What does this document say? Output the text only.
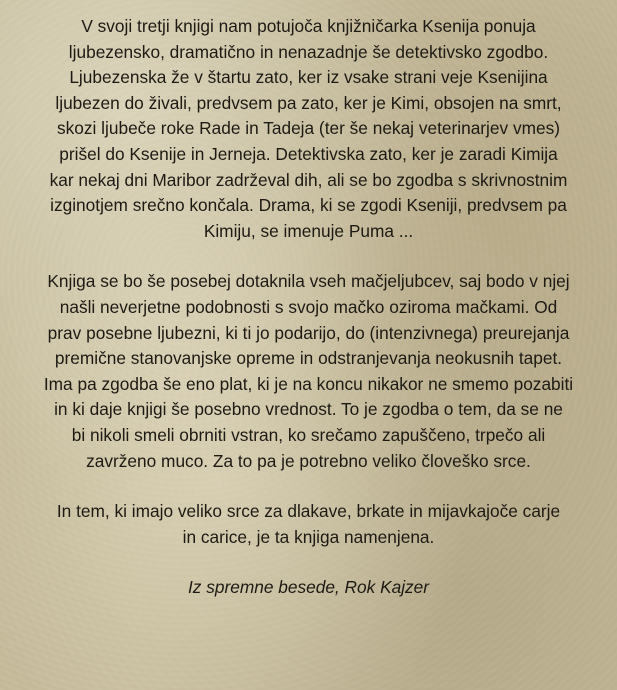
V svoji tretji knjigi nam potujoča knjižničarka Ksenija ponuja
ljubezensko, dramatično in nenazadnje še detektivsko zgodbo.
Ljubezenska že v štartu zato, ker iz vsake strani veje Ksenijina
ljubezen do živali, predvsem pa zato, ker je Kimi, obsojen na smrt,
skozi ljubeče roke Rade in Tadeja (ter še nekaj veterinarjev vmes)
prišel do Ksenije in Jerneja. Detektivska zato, ker je zaradi Kimija
kar nekaj dni Maribor zadrževal dih, ali se bo zgodba s skrivnostnim
izginotjem srečno končala. Drama, ki se zgodi Kseniji, predvsem pa
Kimiju, se imenuje Puma ...

Knjiga se bo še posebej dotaknila vseh mačjeljubcev, saj bodo v njej
našli neverjetne podobnosti s svojo mačko oziroma mačkami. Od
prav posebne ljubezni, ki ti jo podarijo, do (intenzivnega) preurejanja
premične stanovanjske opreme in odstranjevanja neokusnih tapet.
Ima pa zgodba še eno plat, ki je na koncu nikakor ne smemo pozabiti
in ki daje knjigi še posebno vrednost. To je zgodba o tem, da se ne
bi nikoli smeli obrniti vstran, ko srečamo zapuščeno, trpečo ali
zavrženo muco. Za to pa je potrebno veliko človeško srce.

In tem, ki imajo veliko srce za dlakave, brkate in mijavkajoče carje
in carice, je ta knjiga namenjena.

Iz spremne besede, Rok Kajzer
